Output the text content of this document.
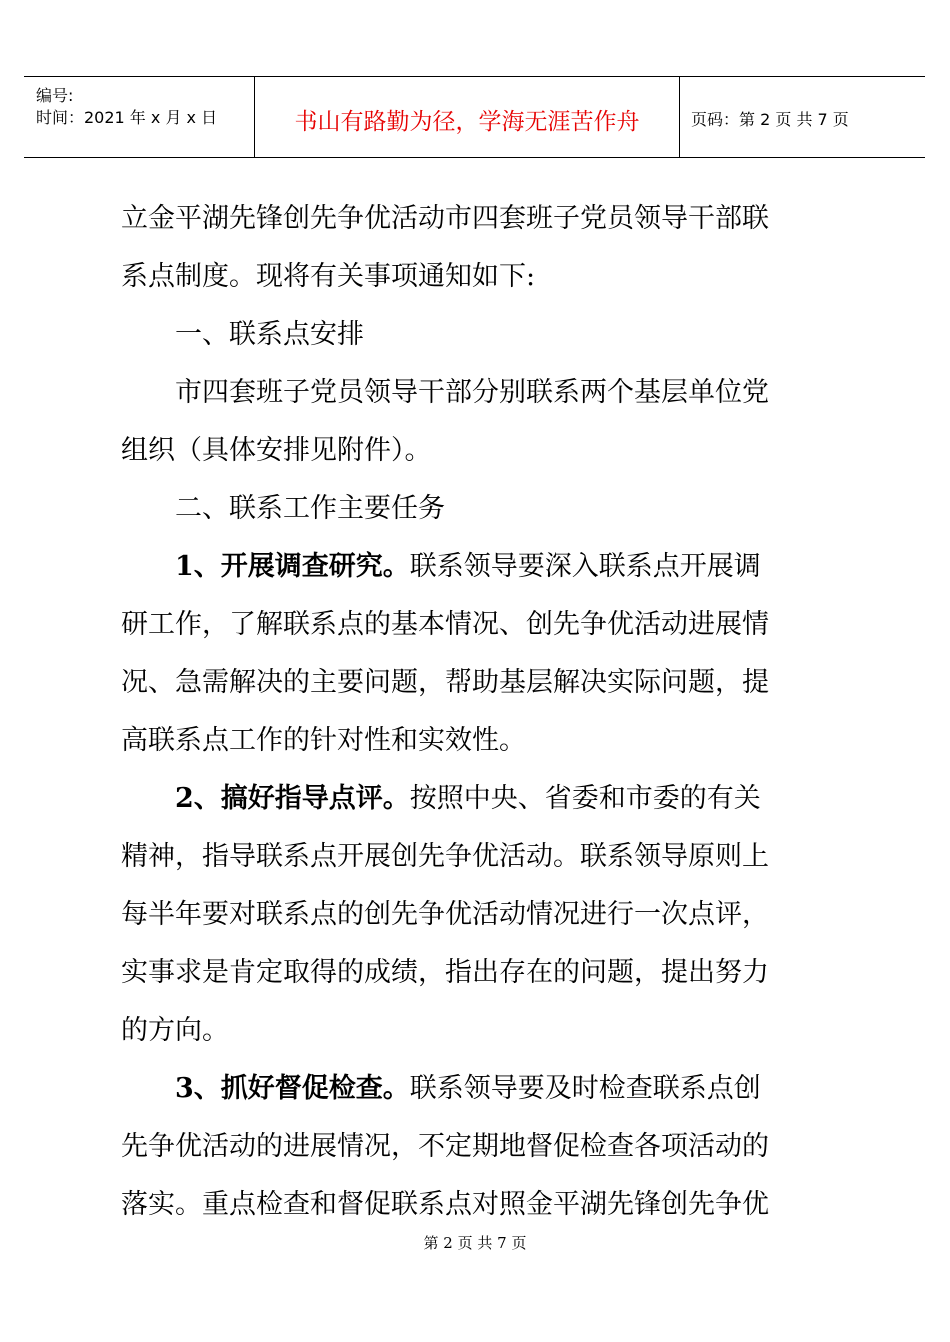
编号:
时间：2021 年 x 月 x 日	书山有路勤为径，学海无涯苦作舟	页码：第 2 页 共 7 页
立金平湖先锋创先争优活动市四套班子党员领导干部联
系点制度。现将有关事项通知如下:
一、联系点安排
市四套班子党员领导干部分别联系两个基层单位党
组织（具体安排见附件）。
二、联系工作主要任务
1、开展调查研究。联系领导要深入联系点开展调
研工作，了解联系点的基本情况、创先争优活动进展情
况、急需解决的主要问题，帮助基层解决实际问题，提
高联系点工作的针对性和实效性。
2、搞好指导点评。按照中央、省委和市委的有关
精神，指导联系点开展创先争优活动。联系领导原则上
每半年要对联系点的创先争优活动情况进行一次点评，
实事求是肯定取得的成绩，指出存在的问题，提出努力
的方向。
3、抓好督促检查。联系领导要及时检查联系点创
先争优活动的进展情况，不定期地督促检查各项活动的
落实。重点检查和督促联系点对照金平湖先锋创先争优
第 2 页 共 7 页
